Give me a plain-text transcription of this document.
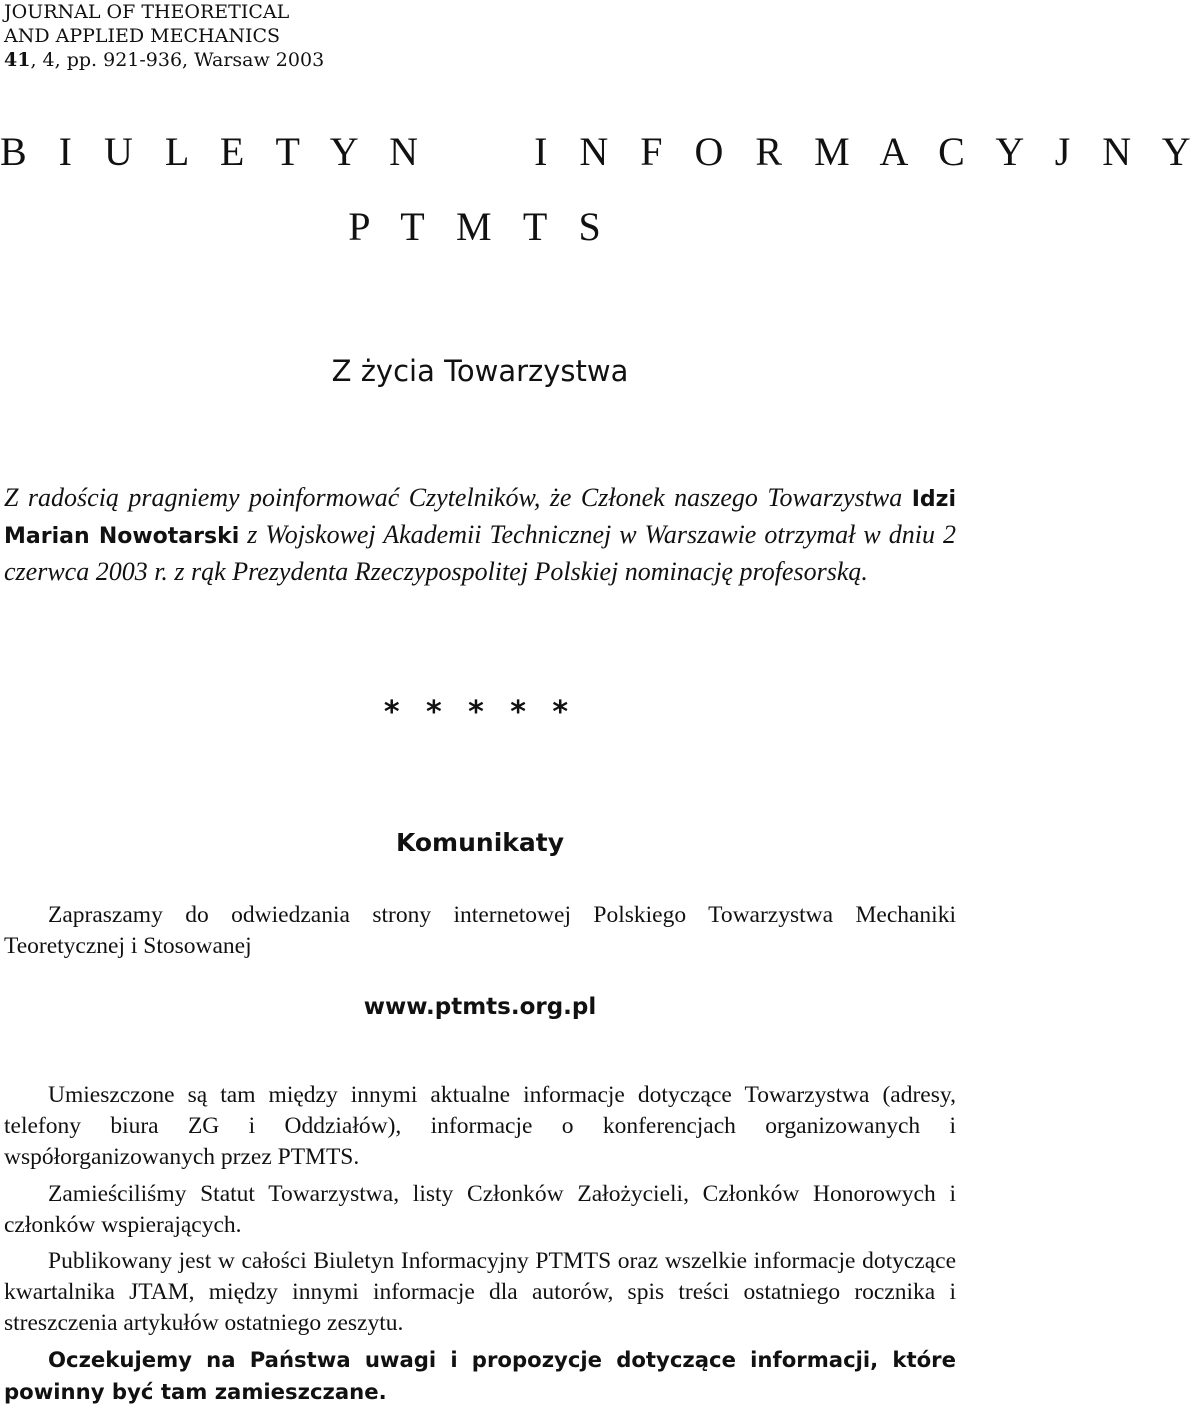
JOURNAL OF THEORETICAL
AND APPLIED MECHANICS
41, 4, pp. 921-936, Warsaw 2003
B I U L E T Y N     I N F O R M A C Y J N Y
P T M T S
Z życia Towarzystwa
Z radością pragniemy poinformować Czytelników, że Członek naszego Towarzystwa Idzi Marian Nowotarski z Wojskowej Akademii Technicznej w Warszawie otrzymał w dniu 2 czerwca 2003 r. z rąk Prezydenta Rzeczypospolitej Polskiej nominację profesorską.
* * * * *
Komunikaty
Zapraszamy do odwiedzania strony internetowej Polskiego Towarzystwa Mechaniki Teoretycznej i Stosowanej
www.ptmts.org.pl
Umieszczone są tam między innymi aktualne informacje dotyczące Towarzystwa (adresy, telefony biura ZG i Oddziałów), informacje o konferencjach organizowanych i współorganizowanych przez PTMTS.
Zamieściliśmy Statut Towarzystwa, listy Członków Założycieli, Członków Honorowych i członków wspierających.
Publikowany jest w całości Biuletyn Informacyjny PTMTS oraz wszelkie informacje dotyczące kwartalnika JTAM, między innymi informacje dla autorów, spis treści ostatniego rocznika i streszczenia artykułów ostatniego zeszytu.
Oczekujemy na Państwa uwagi i propozycje dotyczące informacji, które powinny być tam zamieszczane.
